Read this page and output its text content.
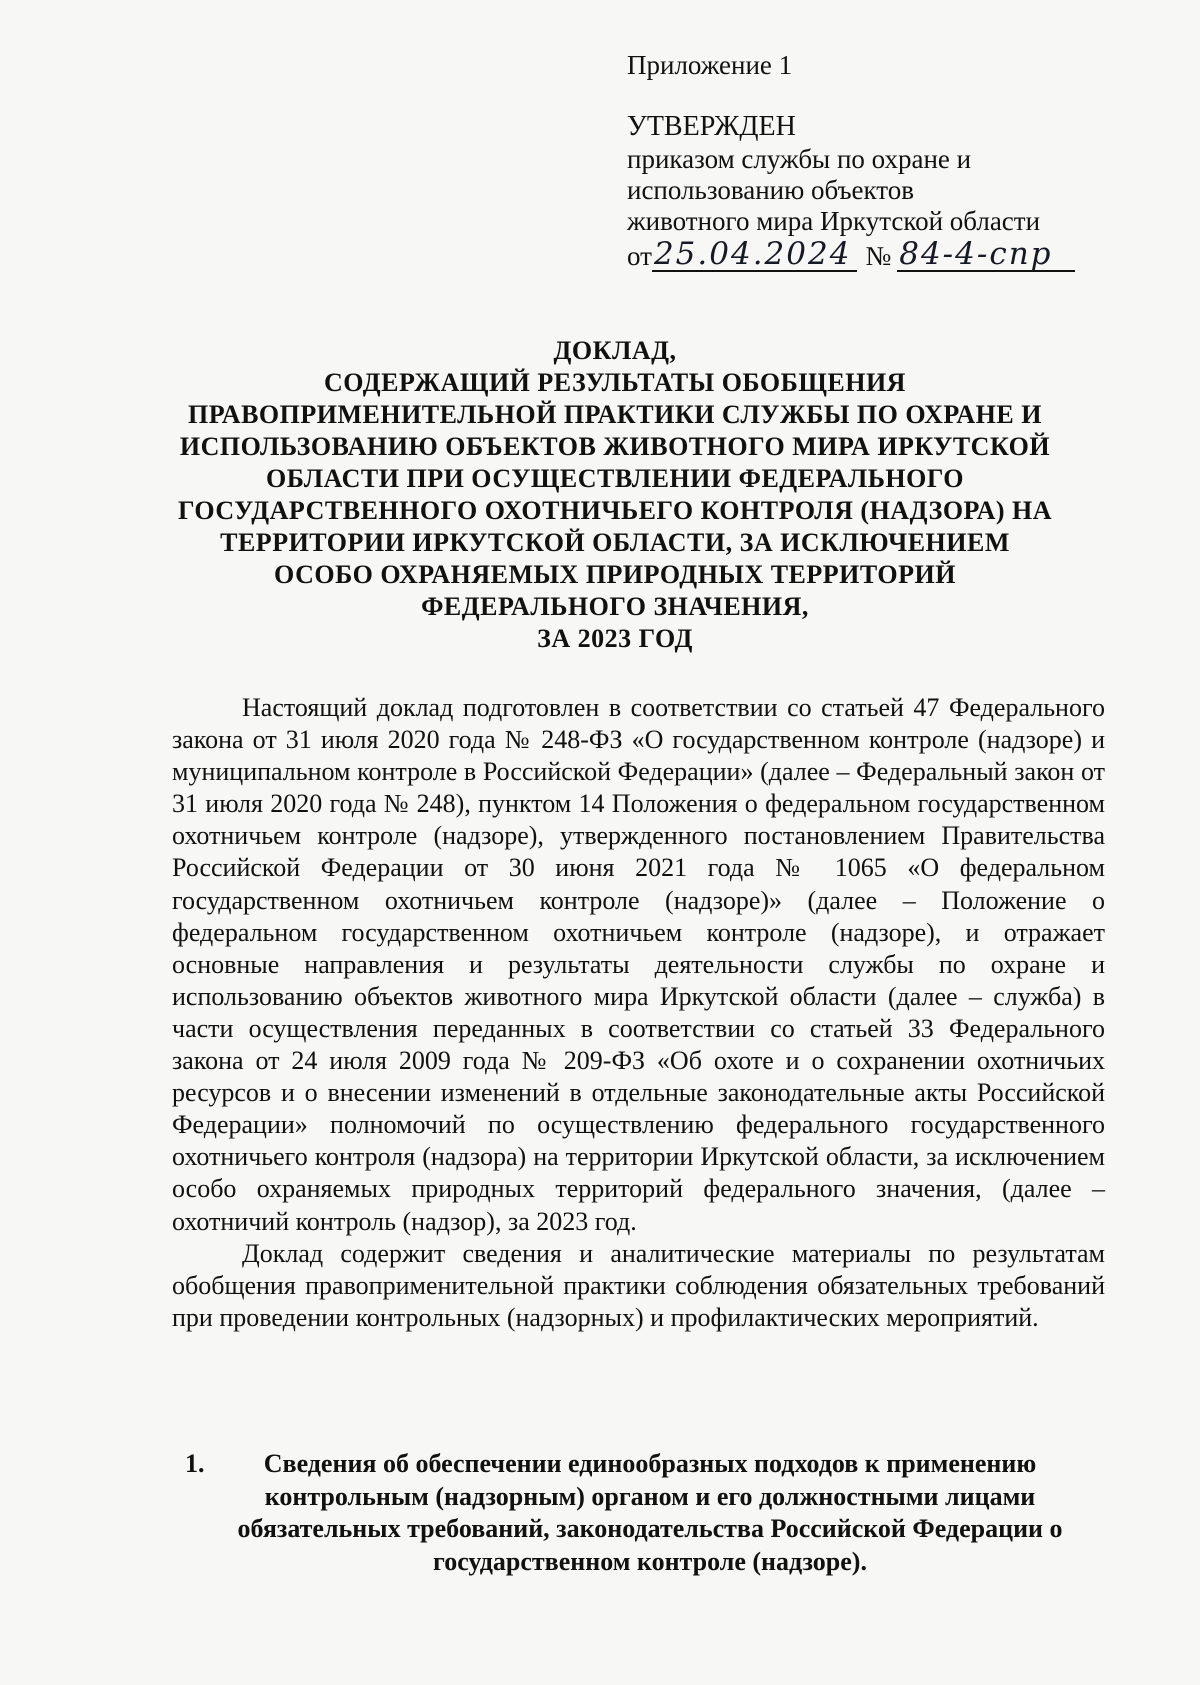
Приложение 1
УТВЕРЖДЕН
приказом службы по охране и
использованию объектов
животного мира Иркутской области
от 25.04.2024 № 84-4-спр
ДОКЛАД,
СОДЕРЖАЩИЙ РЕЗУЛЬТАТЫ ОБОБЩЕНИЯ
ПРАВОПРИМЕНИТЕЛЬНОЙ ПРАКТИКИ СЛУЖБЫ ПО ОХРАНЕ И
ИСПОЛЬЗОВАНИЮ ОБЪЕКТОВ ЖИВОТНОГО МИРА ИРКУТСКОЙ
ОБЛАСТИ ПРИ ОСУЩЕСТВЛЕНИИ ФЕДЕРАЛЬНОГО
ГОСУДАРСТВЕННОГО ОХОТНИЧЬЕГО КОНТРОЛЯ (НАДЗОРА) НА
ТЕРРИТОРИИ ИРКУТСКОЙ ОБЛАСТИ, ЗА ИСКЛЮЧЕНИЕМ
ОСОБО ОХРАНЯЕМЫХ ПРИРОДНЫХ ТЕРРИТОРИЙ
ФЕДЕРАЛЬНОГО ЗНАЧЕНИЯ,
ЗА 2023 ГОД

Настоящий доклад подготовлен в соответствии со статьей 47 Федерального закона от 31 июля 2020 года № 248-ФЗ «О государственном контроле (надзоре) и муниципальном контроле в Российской Федерации» (далее – Федеральный закон от 31 июля 2020 года № 248), пунктом 14 Положения о федеральном государственном охотничьем контроле (надзоре), утвержденного постановлением Правительства Российской Федерации от 30 июня 2021 года № 1065 «О федеральном государственном охотничьем контроле (надзоре)» (далее – Положение о федеральном государственном охотничьем контроле (надзоре), и отражает основные направления и результаты деятельности службы по охране и использованию объектов животного мира Иркутской области (далее – служба) в части осуществления переданных в соответствии со статьей 33 Федерального закона от 24 июля 2009 года № 209-ФЗ «Об охоте и о сохранении охотничьих ресурсов и о внесении изменений в отдельные законодательные акты Российской Федерации» полномочий по осуществлению федерального государственного охотничьего контроля (надзора) на территории Иркутской области, за исключением особо охраняемых природных территорий федерального значения, (далее – охотничий контроль (надзор), за 2023 год.

Доклад содержит сведения и аналитические материалы по результатам обобщения правоприменительной практики соблюдения обязательных требований при проведении контрольных (надзорных) и профилактических мероприятий.

1.	Сведения об обеспечении единообразных подходов к применению
контрольным (надзорным) органом и его должностными лицами
обязательных требований, законодательства Российской Федерации о
государственном контроле (надзоре).
